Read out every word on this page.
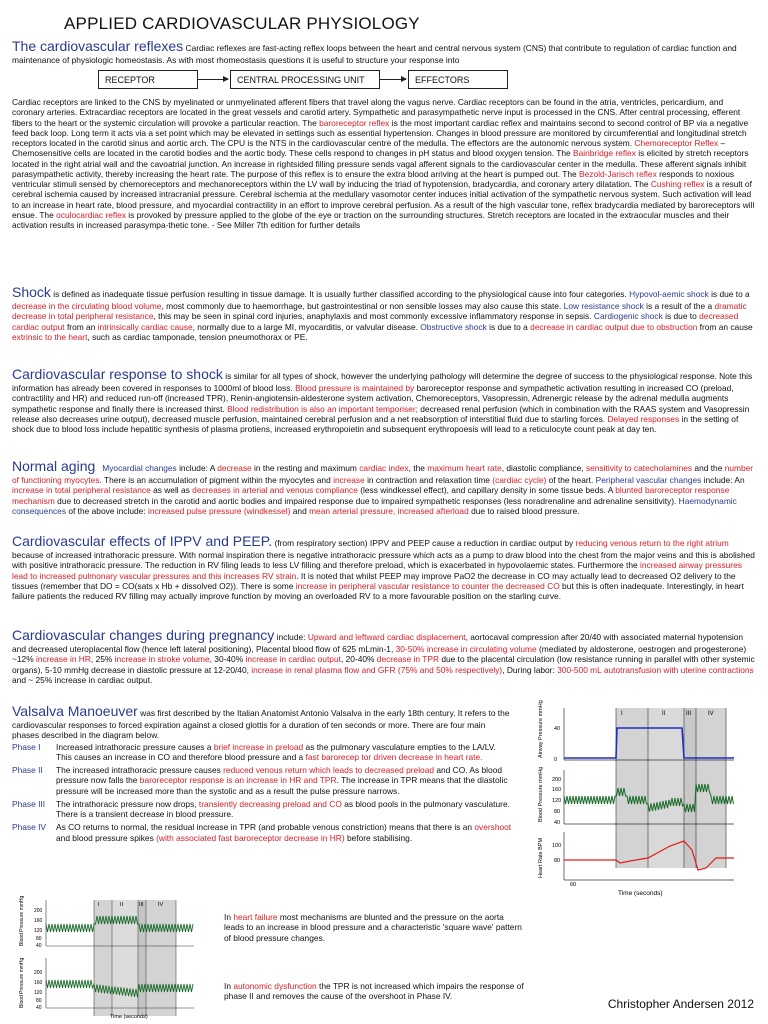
APPLIED CARDIOVASCULAR PHYSIOLOGY
The cardiovascular reflexes Cardiac reflexes are fast-acting reflex loops between the heart and central nervous system (CNS) that contribute to regulation of cardiac function and maintenance of physiologic homeostasis. As with most rhomeostasis questions it is useful to structure your response into
RECEPTOR	CENTRAL PROCESSING UNIT	EFFECTORS
Cardiac receptors are linked to the CNS by myelinated or unmyelinated afferent fibers that travel along the vagus nerve. Cardiac receptors can be found in the atria, ventricles, pericardium, and coronary arteries. Extracardiac receptors are located in the great vessels and carotid artery. Sympathetic and parasympathetic nerve input is processed in the CNS. After central processing, efferent fibers to the heart or the systemic circulation will provoke a particular reaction. The baroreceptor reflex is the most important cardiac reflex and maintains second to second control of BP via a negative feed back loop. Long term it acts via a set point which may be elevated in settings such as essential hypertension. Changes in blood pressure are monitored by circumferential and longitudinal stretch receptors located in the carotid sinus and aortic arch. The CPU is the NTS in the cardiovascular centre of the medulla. The effectors are the autonomic nervous system. Chemoreceptor Reflex –Chemosensitive cells are located in the carotid bodies and the aortic body. These cells respond to changes in pH status and blood oxygen tension. The Bainbridge reflex is elicited by stretch receptors located in the right atrial wall and the cavoatrial junction. An increase in rightsided filling pressure sends vagal afferent signals to the cardiovascular center in the medulla. These afferent signals inhibit parasympathetic activity, thereby increasing the heart rate. The purpose of this reflex is to ensure the extra blood arriving at the heart is pumped out. The Bezold-Jarisch reflex responds to noxious ventricular stimuli sensed by chemoreceptors and mechanoreceptors within the LV wall by inducing the triad of hypotension, bradycardia, and coronary artery dilatation. The Cushing reflex is a result of cerebral ischemia caused by increased intracranial pressure. Cerebral ischemia at the medullary vasomotor center induces initial activation of the sympathetic nervous system. Such activation will lead to an increase in heart rate, blood pressure, and myocardial contractility in an effort to improve cerebral perfusion. As a result of the high vascular tone, reflex bradycardia mediated by baroreceptors will ensue. The oculocardiac reflex is provoked by pressure applied to the globe of the eye or traction on the surrounding structures. Stretch receptors are located in the extraocular muscles and their activation results in increased parasympa-thetic tone. - See Miller 7th edition for further details
Shock is defined as inadequate tissue perfusion resulting in tissue damage. It is usually further classified according to the physiological cause into four categories. Hypovol-aemic shock is due to a decrease in the circulating blood volume, most commonly due to haemorrhage, but gastrointestinal or non sensible losses may also cause this state. Low resistance shock is a result of the a dramatic decrease in total peripheral resistance, this may be seen in spinal cord injuries, anaphylaxis and most commonly excessive inflammatory response in sepsis. Cardiogenic shock is due to decreased cardiac output from an intrinsically cardiac cause, normally due to a large MI, myocarditis, or valvular disease. Obstructive shock is due to a decrease in cardiac output due to obstruction from an cause extrinsic to the heart, such as cardiac tamponade, tension pneumothorax or PE.
Cardiovascular response to shock is similar for all types of shock, however the underlying pathology will determine the degree of success to the physiological response. Note this information has already been covered in responses to 1000ml of blood loss. Blood pressure is maintained by baroreceptor response and sympathetic activation resulting in increased CO (preload, contractility and HR) and reduced run-off (increased TPR), Renin-angiotensin-aldesterone system activation, Chemoreceptors, Vasopressin, Adrenergic release by the adrenal medulla augments sympathetic response and finally there is increased thirst. Blood redistribution is also an important temporiser; decreased renal perfusion (which in combination with the RAAS system and Vasopressin release also decreases urine output), decreased muscle perfusion, maintained cerebral perfusion and a net reabsorption of interstitial fluid due to starling forces. Delayed responses in the setting of shock due to blood loss include hepatitic synthesis of plasma protiens, increased erythropoietin and subsequent erythropoesis will lead to a reticulocyte count peak at day ten.
Normal aging Myocardial changes include: A decrease in the resting and maximum cardiac index, the maximum heart rate, diastolic compliance, sensitivity to catecholamines and the number of functioning myocytes. There is an accumulation of pigment within the myocytes and increase in contraction and relaxation time (cardiac cycle) of the heart. Peripheral vascular changes include: An increase in total peripheral resistance as well as decreases in arterial and venous compliance (less windkessel effect), and capillary density in some tissue beds. A blunted baroreceptor response mechanism due to decreased stretch in the carotid and aortic bodies and impaired response due to impaired sympathetic responses (less noradrenaline and adrenaline sensitivity). Haemodynamic consequences of the above include: increased pulse pressure (windkessel) and mean arterial pressure, increased afterload due to raised blood pressure.
Cardiovascular effects of IPPV and PEEP. (from respiratory section) IPPV and PEEP cause a reduction in cardiac output by reducing venous return to the right atrium because of increased intrathoracic pressure. With normal inspiration there is negative intrathoracic pressure which acts as a pump to draw blood into the chest from the major veins and this is abolished with positive intrathoracic pressure. The reduction in RV filing leads to less LV filling and therefore preload, which is exacerbated in hypovolaemic states. Furthermore the increased airway pressures lead to increased pulmonary vascular pressures and this increases RV strain. It is noted that whilst PEEP may improve PaO2 the decrease in CO may actually lead to decreased O2 delivery to the tissues (remember that DO = CO(sats x Hb + dissolved O2)). There is some increase in peripheral vascular resistance to counter the decreased CO but this is often inadequate. Interestingly, in heart failure patients the reduced RV filling may actually improve function by moving an overloaded RV to a more favourable position on the starling curve.
Cardiovascular changes during pregnancy include: Upward and leftward cardiac displacement, aortocaval compression after 20/40 with associated maternal hypotension and decreased uteroplacental flow (hence left lateral positioning), Placental blood flow of 625 mLmin-1, 30-50% increase in circulating volume (mediated by aldosterone, oestrogen and progesterone) ~12% increase in HR, 25% increase in stroke volume, 30-40% increase in cardiac output, 20-40% decrease in TPR due to the placental circulation (low resistance running in parallel with other systemic organs), 5-10 mmHg decrease in diastolic pressure at 12-20/40, increase in renal plasma flow and GFR (75% and 50% respectively), During labor: 300-500 mL autotransfusion with uterine contractions and ~ 25% increase in cardiac output.
Valsalva Manoeuver was first described by the Italian Anatomist Antonio Valsalva in the early 18th century. It refers to the cardiovascular responses to forced expiration against a closed glottis for a duration of ten seconds or more. There are four main phases described in the diagram below.
Phase I	Increased intrathoracic pressure causes a brief increase in preload as the pulmonary vasculature empties to the LA/LV. This causes an increase in CO and therefore blood pressure and a fast barorecep tor driven decrease in heart rate.
Phase II	The increased intrathoracic pressure causes reduced venous return which leads to decreased preload and CO. As blood pressure now falls the baroreceptor response is an increase in HR and TPR. The increase in TPR means that the diastolic pressure will be increased more than the systolic and as a result the pulse pressure narrows.
Phase III	The intrathoracic pressure now drops, transiently decreasing preload and CO as blood pools in the pulmonary vasculature. There is a transient decrease in blood pressure.
Phase IV	As CO returns to normal, the residual increase in TPR (and probable venous constriction) means that there is an overshoot and blood pressure spikes (with associated fast baroreceptor decrease in HR) before stabilising.
I	II	III	IV
40
0
Airway Pressure mmHg
200
160
120
80
40
Blood Pressure mmHg
100
80
60
Heart Rate BPM
Time (seconds)
I	II	III	IV
200
160
120
80
40
Blood Pressure mmHg
200
160
120
80
40
Blood Pressure mmHg
Time (seconds)
In heart failure most mechanisms are blunted and the pressure on the aorta leads to an increase in blood pressure and a characteristic 'square wave' pattern of blood pressure changes.
In autonomic dysfunction the TPR is not increased which impairs the response of phase II and removes the cause of the overshoot in Phase IV.
Christopher Andersen 2012
